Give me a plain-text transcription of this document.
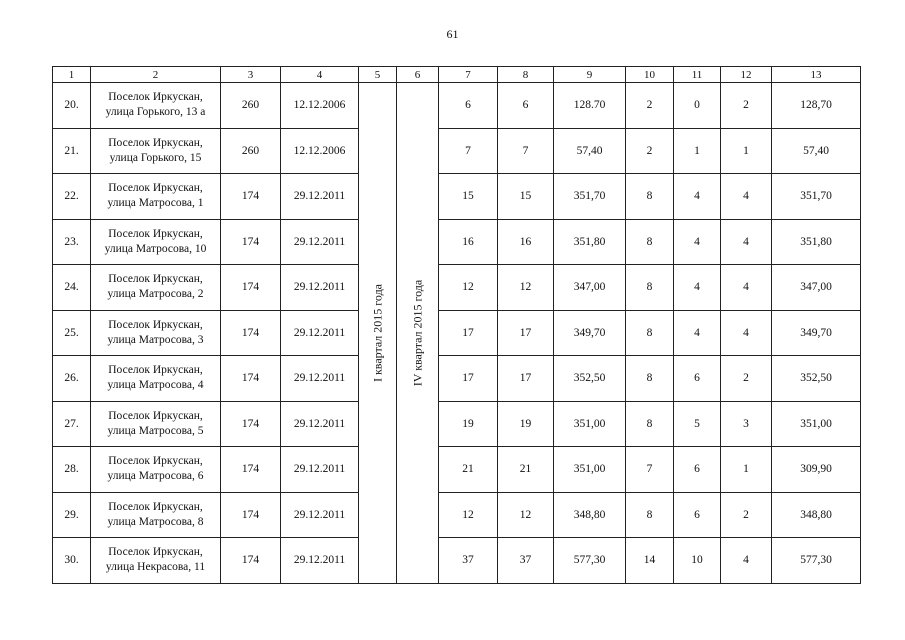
61
1	2	3	4	5	6	7	8	9	10	11	12	13
20.	Поселок Иркускан,
улица Горького, 13 а	260	12.12.2006	I квартал 2015 года	IV квартал 2015 года	6	6	128.70	2	0	2	128,70
21.	Поселок Иркускан,
улица Горького, 15	260	12.12.2006			7	7	57,40	2	1	1	57,40
22.	Поселок Иркускан,
улица Матросова, 1	174	29.12.2011			15	15	351,70	8	4	4	351,70
23.	Поселок Иркускан,
улица Матросова, 10	174	29.12.2011			16	16	351,80	8	4	4	351,80
24.	Поселок Иркускан,
улица Матросова, 2	174	29.12.2011			12	12	347,00	8	4	4	347,00
25.	Поселок Иркускан,
улица Матросова, 3	174	29.12.2011			17	17	349,70	8	4	4	349,70
26.	Поселок Иркускан,
улица Матросова, 4	174	29.12.2011			17	17	352,50	8	6	2	352,50
27.	Поселок Иркускан,
улица Матросова, 5	174	29.12.2011			19	19	351,00	8	5	3	351,00
28.	Поселок Иркускан,
улица Матросова, 6	174	29.12.2011			21	21	351,00	7	6	1	309,90
29.	Поселок Иркускан,
улица Матросова, 8	174	29.12.2011			12	12	348,80	8	6	2	348,80
30.	Поселок Иркускан,
улица Некрасова, 11	174	29.12.2011			37	37	577,30	14	10	4	577,30
